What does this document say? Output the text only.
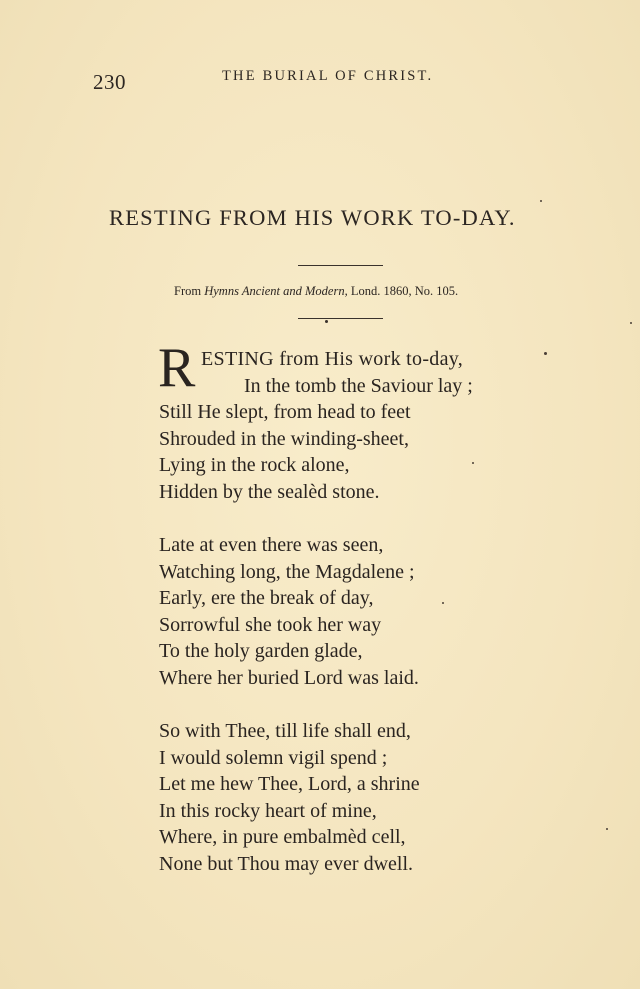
230	THE BURIAL OF CHRIST.
RESTING FROM HIS WORK TO-DAY.
From Hymns Ancient and Modern, Lond. 1860, No. 105.
R ESTING from His work to-day,
In the tomb the Saviour lay ;
Still He slept, from head to feet
Shrouded in the winding-sheet,
Lying in the rock alone,
Hidden by the sealèd stone.
Late at even there was seen,
Watching long, the Magdalene ;
Early, ere the break of day,
Sorrowful she took her way
To the holy garden glade,
Where her buried Lord was laid.
So with Thee, till life shall end,
I would solemn vigil spend ;
Let me hew Thee, Lord, a shrine
In this rocky heart of mine,
Where, in pure embalmèd cell,
None but Thou may ever dwell.
